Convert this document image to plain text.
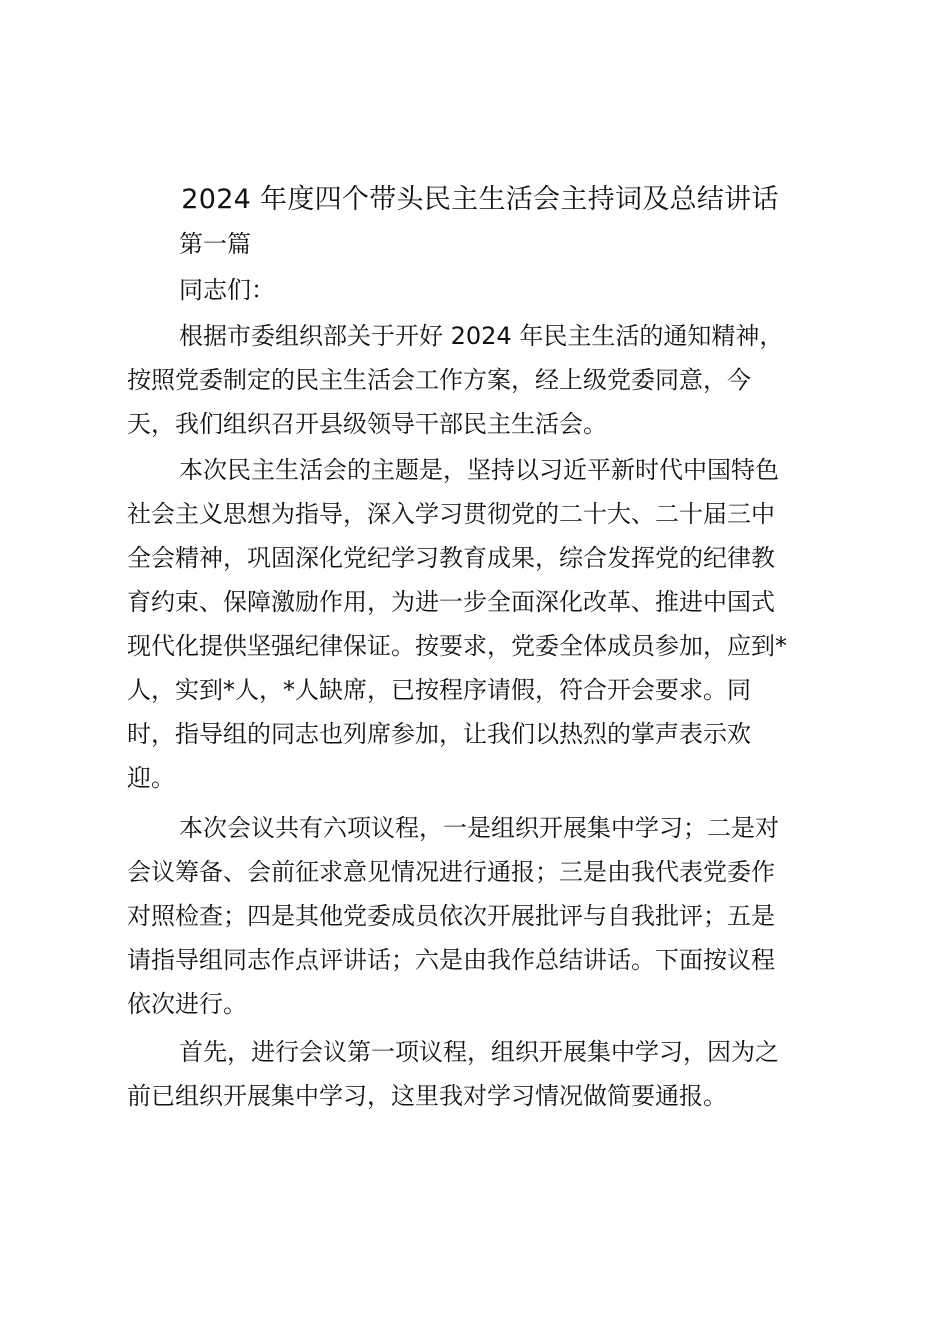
2024 年度四个带头民主生活会主持词及总结讲话

第一篇

同志们：

根据市委组织部关于开好 2024 年民主生活的通知精神，
按照党委制定的民主生活会工作方案，经上级党委同意，今
天，我们组织召开县级领导干部民主生活会。

本次民主生活会的主题是，坚持以习近平新时代中国特色
社会主义思想为指导，深入学习贯彻党的二十大、二十届三中
全会精神，巩固深化党纪学习教育成果，综合发挥党的纪律教
育约束、保障激励作用，为进一步全面深化改革、推进中国式
现代化提供坚强纪律保证。按要求，党委全体成员参加，应到*
人，实到*人，*人缺席，已按程序请假，符合开会要求。同
时，指导组的同志也列席参加，让我们以热烈的掌声表示欢
迎。

本次会议共有六项议程，一是组织开展集中学习；二是对
会议筹备、会前征求意见情况进行通报；三是由我代表党委作
对照检查；四是其他党委成员依次开展批评与自我批评；五是
请指导组同志作点评讲话；六是由我作总结讲话。下面按议程
依次进行。

首先，进行会议第一项议程，组织开展集中学习，因为之
前已组织开展集中学习，这里我对学习情况做简要通报。
